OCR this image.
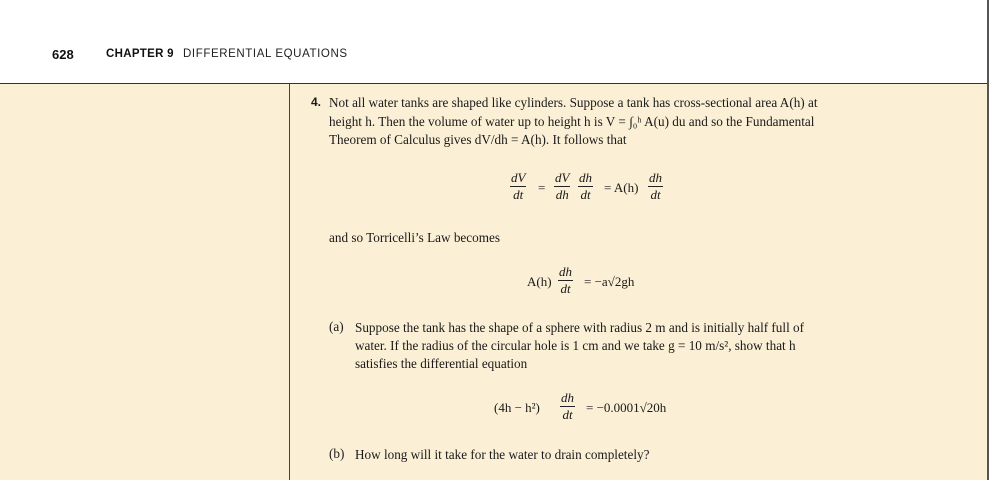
628	CHAPTER 9 DIFFERENTIAL EQUATIONS
4. Not all water tanks are shaped like cylinders. Suppose a tank has cross-sectional area A(h) at
height h. Then the volume of water up to height h is V = ∫₀ʰ A(u) du and so the Fundamental
Theorem of Calculus gives dV/dh = A(h). It follows that
$\frac{dV}{dt} = \frac{dV}{dh} \frac{dh}{dt} = A(h) \frac{dh}{dt}$
and so Torricelli’s Law becomes
$A(h) \frac{dh}{dt} = -a√2gh$
(a) Suppose the tank has the shape of a sphere with radius 2 m and is initially half full of
water. If the radius of the circular hole is 1 cm and we take g = 10 m/s², show that h
satisfies the differential equation
$(4h - h^2) \frac{dh}{dt} = -0.0001√20h$
(b) How long will it take for the water to drain completely?
